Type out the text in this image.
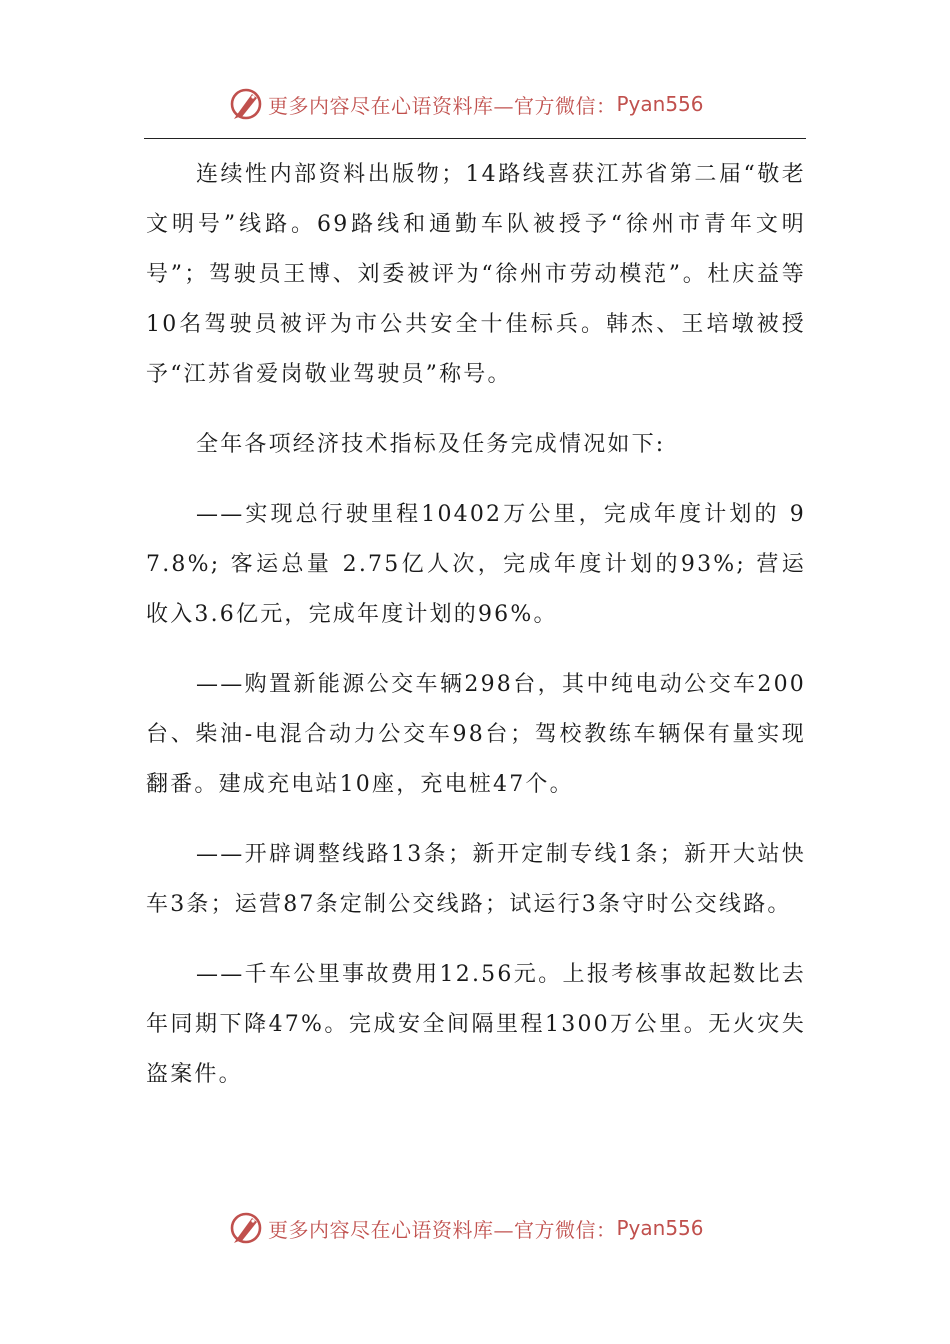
更多内容尽在心语资料库—官方微信： Pyan556

连续性内部资料出版物；14路线喜获江苏省第二届“敬老文明号”线路。69路线和通勤车队被授予“徐州市青年文明号”；驾驶员王博、刘委被评为“徐州市劳动模范”。杜庆益等10名驾驶员被评为市公共安全十佳标兵。韩杰、王培墩被授予“江苏省爱岗敬业驾驶员”称号。

全年各项经济技术指标及任务完成情况如下:

——实现总行驶里程10402万公里，完成年度计划的 97.8%; 客运总量 2.75亿人次，完成年度计划的93%; 营运收入3.6亿元，完成年度计划的96%。

——购置新能源公交车辆298台，其中纯电动公交车200台、柴油-电混合动力公交车98台；驾校教练车辆保有量实现翻番。建成充电站10座，充电桩47个。

——开辟调整线路13条；新开定制专线1条；新开大站快车3条；运营87条定制公交线路；试运行3条守时公交线路。

——千车公里事故费用12.56元。上报考核事故起数比去年同期下降47%。完成安全间隔里程1300万公里。无火灾失盗案件。

更多内容尽在心语资料库—官方微信： Pyan556
